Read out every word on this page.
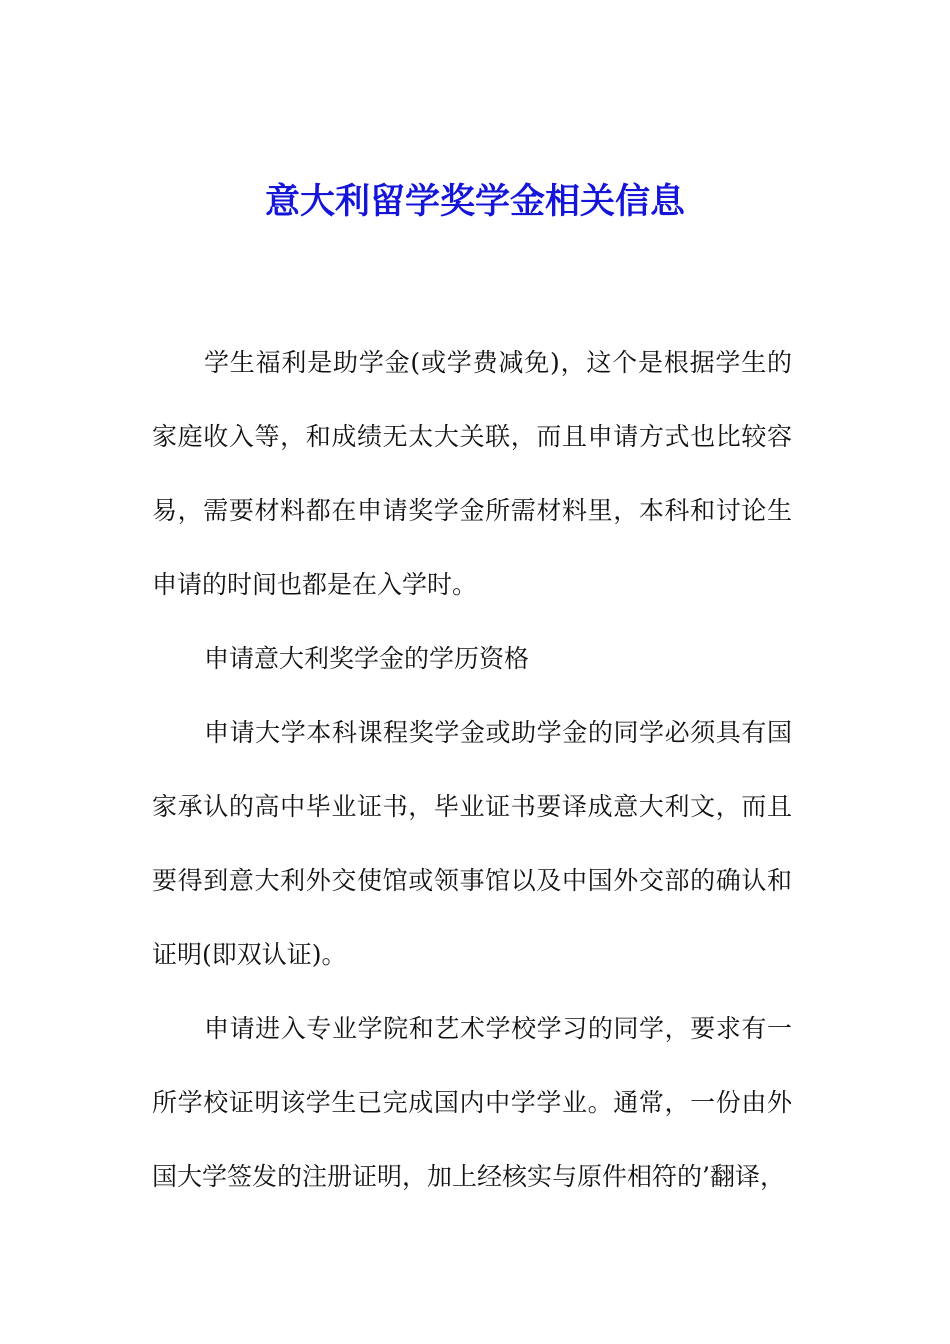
意大利留学奖学金相关信息

学生福利是助学金(或学费减免)，这个是根据学生的家庭收入等，和成绩无太大关联，而且申请方式也比较容易，需要材料都在申请奖学金所需材料里，本科和讨论生申请的时间也都是在入学时。

申请意大利奖学金的学历资格

申请大学本科课程奖学金或助学金的同学必须具有国家承认的高中毕业证书，毕业证书要译成意大利文，而且要得到意大利外交使馆或领事馆以及中国外交部的确认和证明(即双认证)。

申请进入专业学院和艺术学校学习的同学，要求有一所学校证明该学生已完成国内中学学业。通常，一份由外国大学签发的注册证明，加上经核实与原件相符的’翻译，
